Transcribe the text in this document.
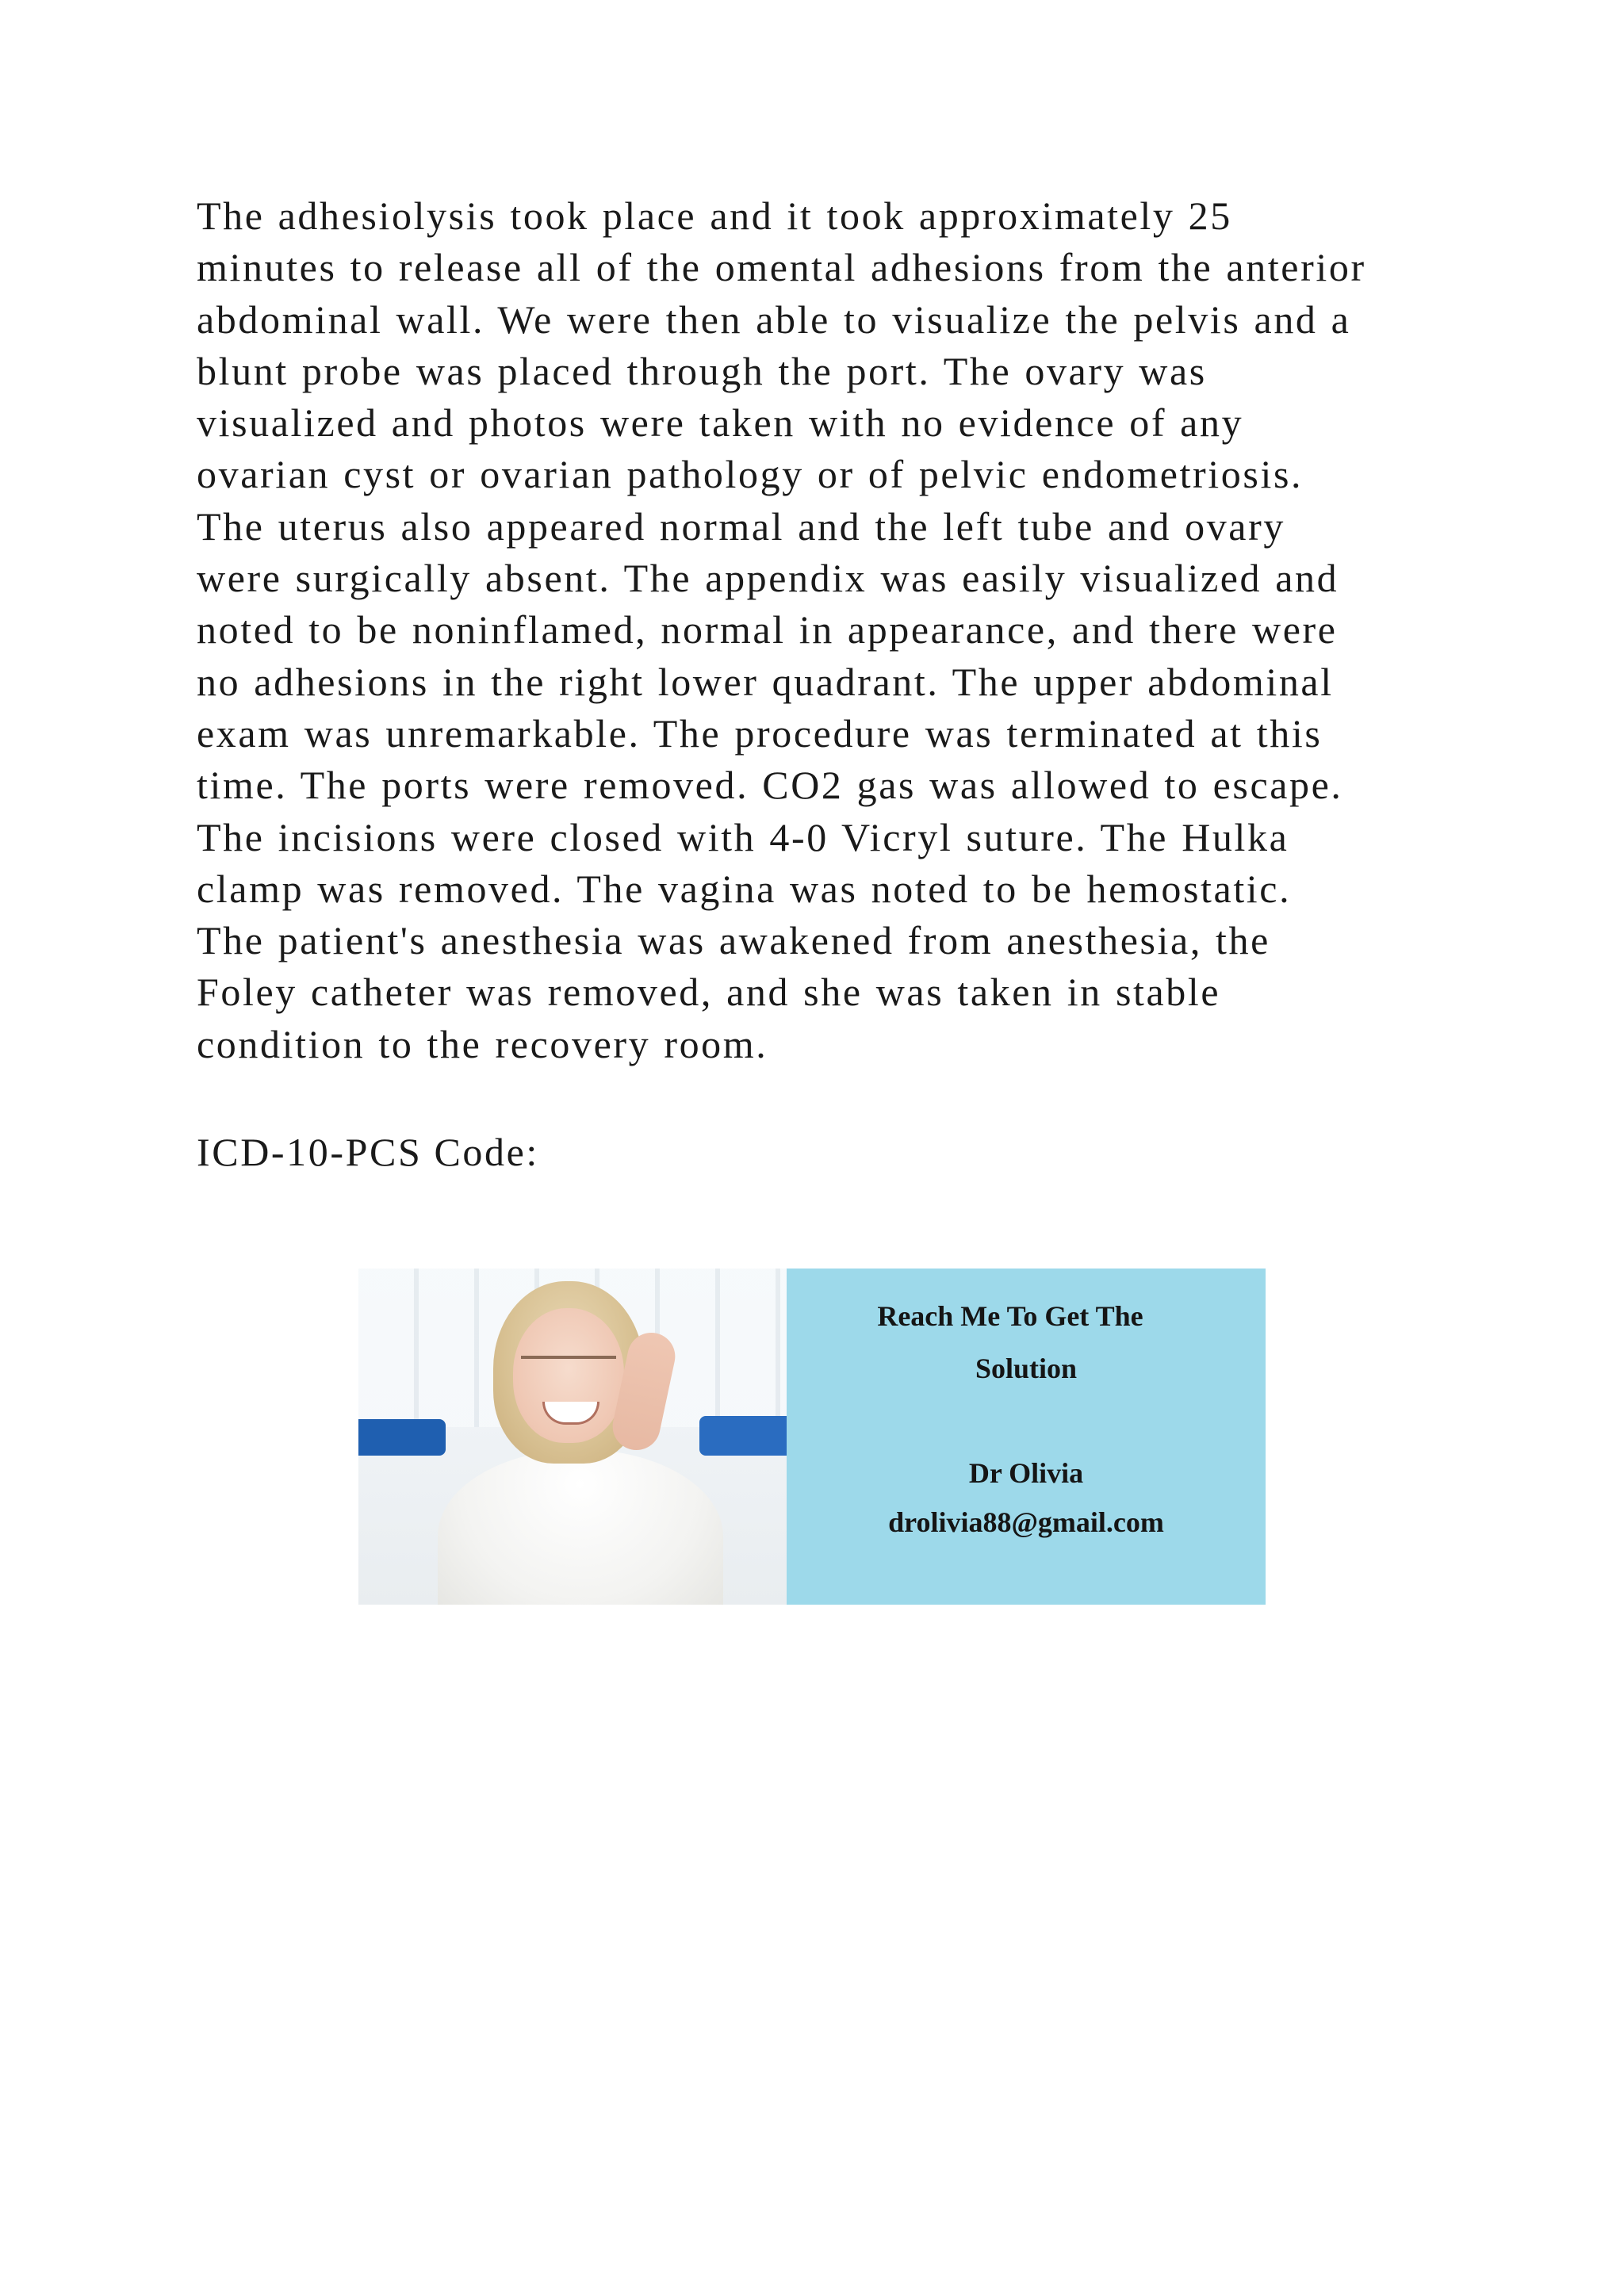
The adhesiolysis took place and it took approximately 25
minutes to release all of the omental adhesions from the anterior
abdominal wall. We were then able to visualize the pelvis and a
blunt probe was placed through the port. The ovary was
visualized and photos were taken with no evidence of any
ovarian cyst or ovarian pathology or of pelvic endometriosis.
The uterus also appeared normal and the left tube and ovary
were surgically absent. The appendix was easily visualized and
noted to be noninflamed, normal in appearance, and there were
no adhesions in the right lower quadrant. The upper abdominal
exam was unremarkable. The procedure was terminated at this
time. The ports were removed. CO2 gas was allowed to escape.
The incisions were closed with 4-0 Vicryl suture. The Hulka
clamp was removed. The vagina was noted to be hemostatic.
The patient's anesthesia was awakened from anesthesia, the
Foley catheter was removed, and she was taken in stable
condition to the recovery room.
ICD-10-PCS Code:
Reach Me To Get The
Solution
Dr Olivia
drolivia88@gmail.com
